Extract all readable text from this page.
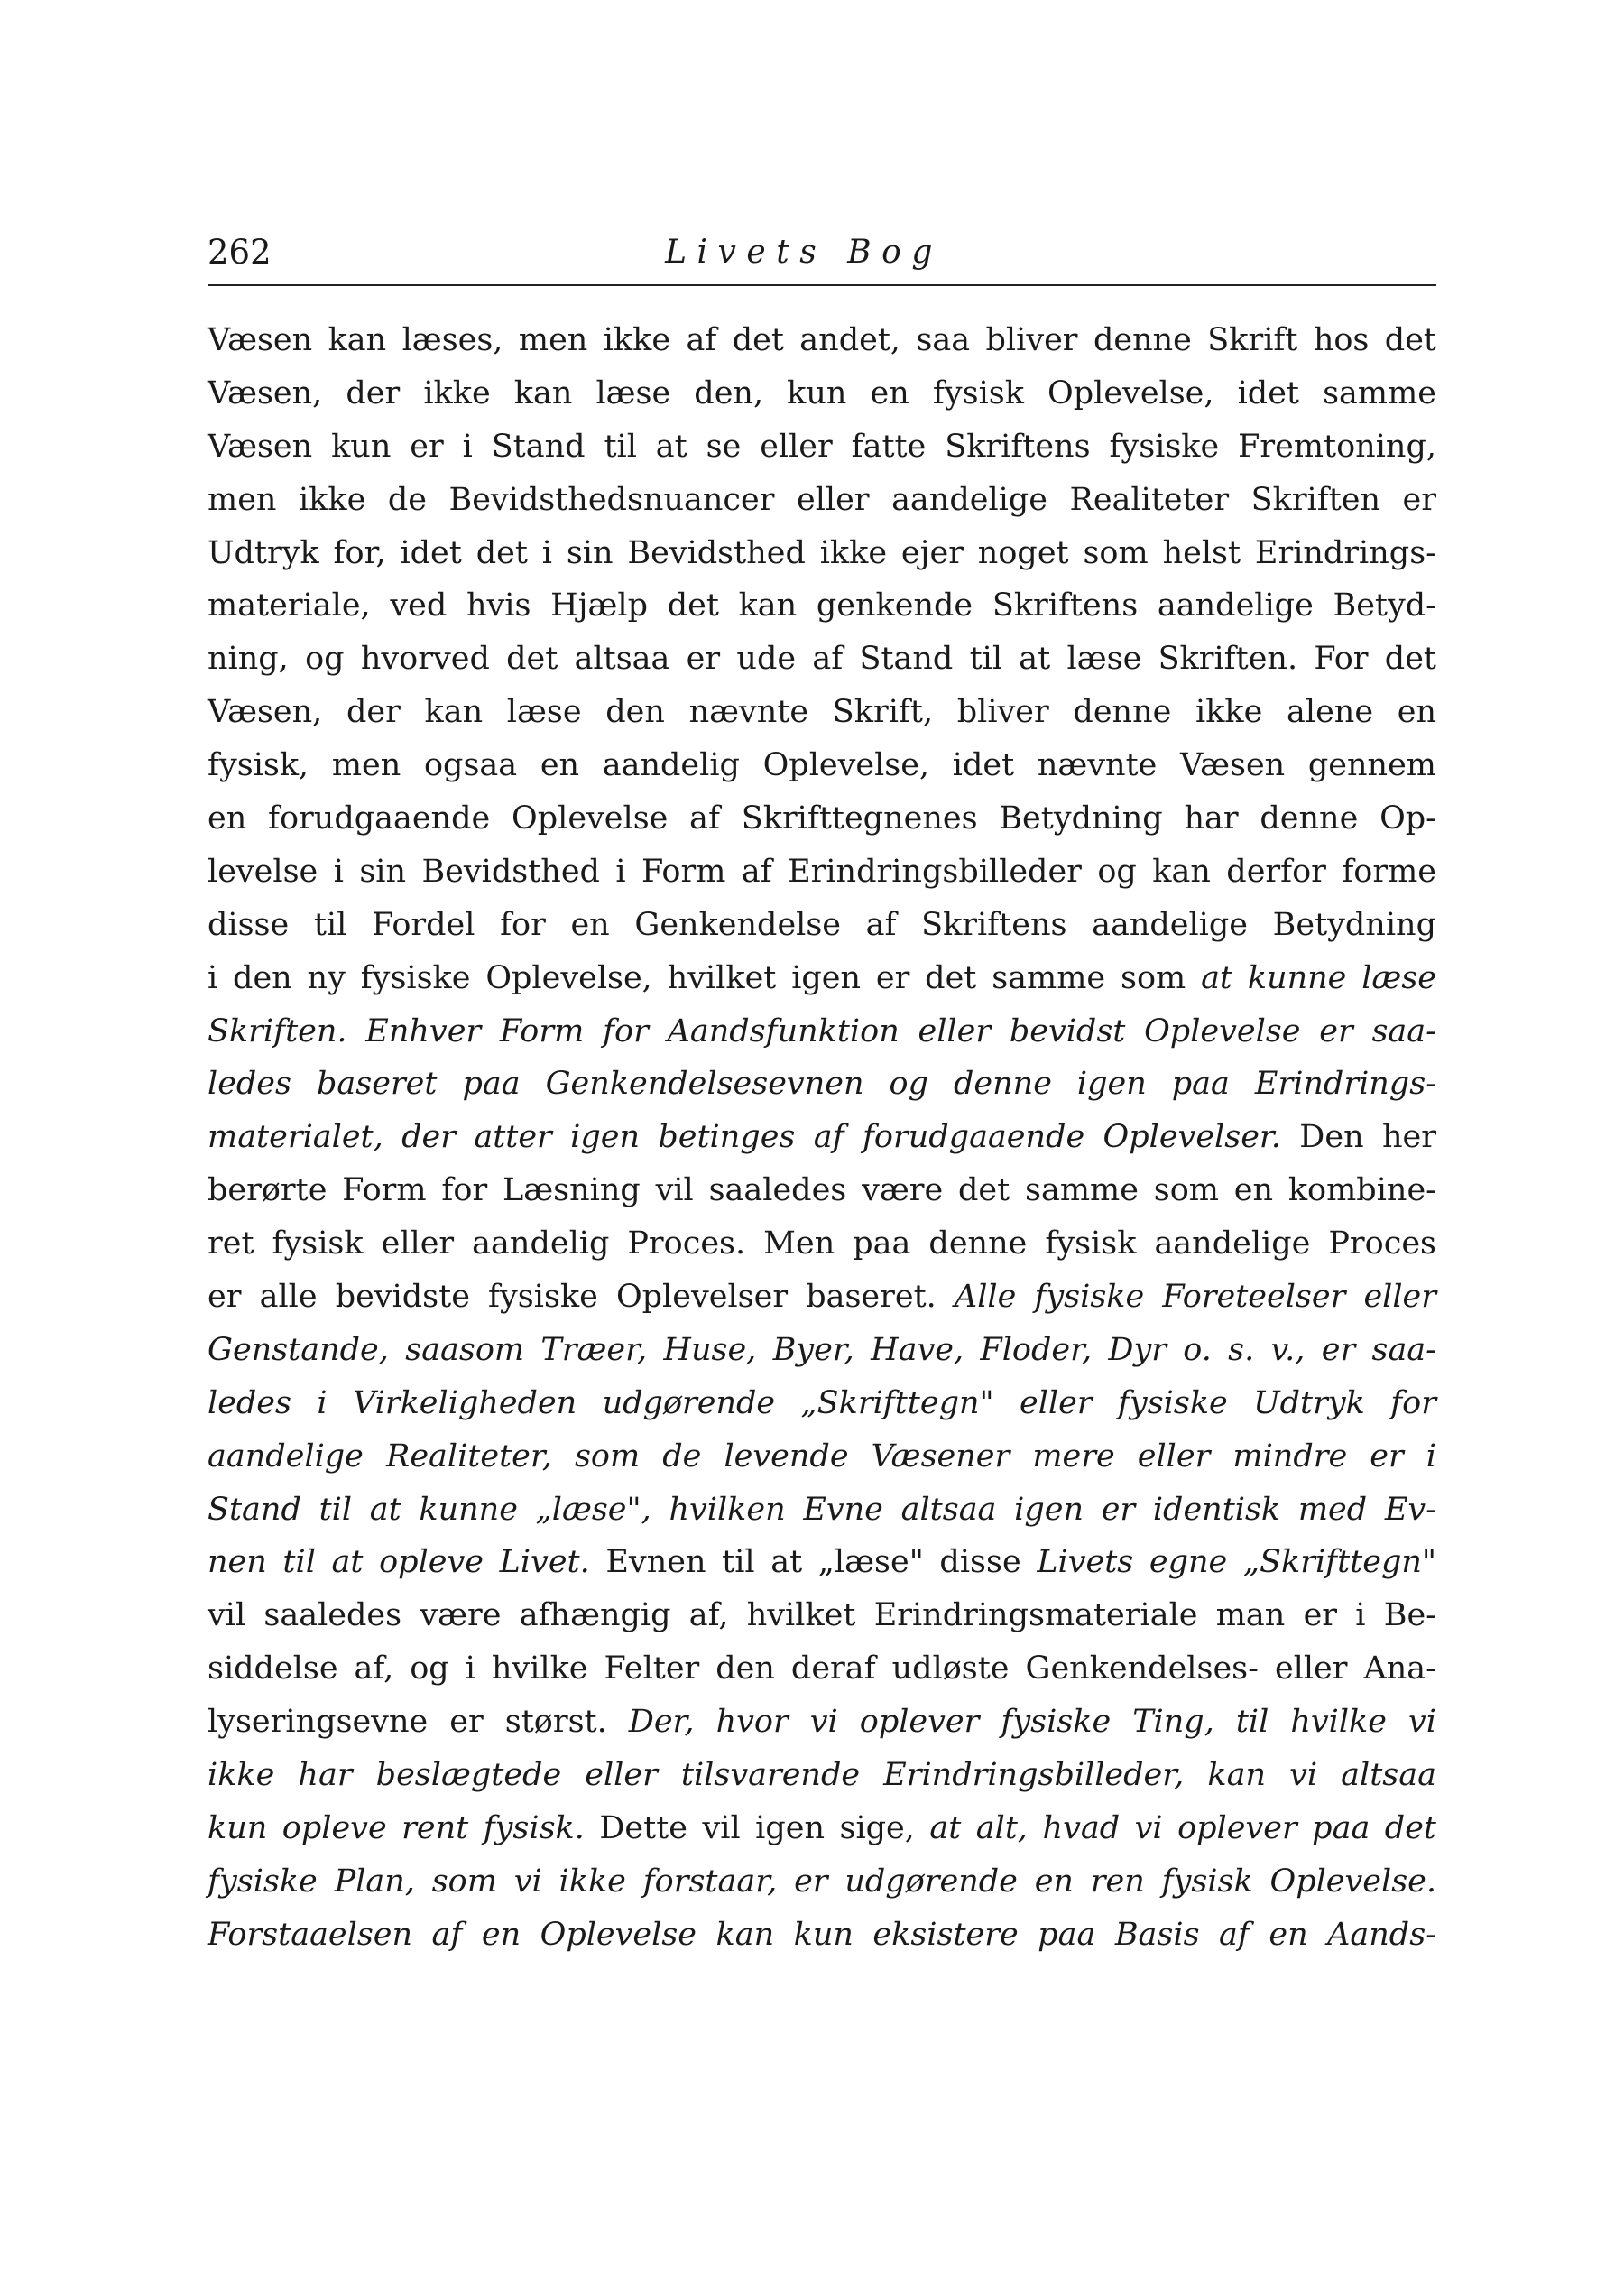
262	Livets Bog
Væsen kan læses, men ikke af det andet, saa bliver denne Skrift hos det
Væsen, der ikke kan læse den, kun en fysisk Oplevelse, idet samme
Væsen kun er i Stand til at se eller fatte Skriftens fysiske Fremtoning,
men ikke de Bevidsthedsnuancer eller aandelige Realiteter Skriften er
Udtryk for, idet det i sin Bevidsthed ikke ejer noget som helst Erindrings-
materiale, ved hvis Hjælp det kan genkende Skriftens aandelige Betyd-
ning, og hvorved det altsaa er ude af Stand til at læse Skriften. For det
Væsen, der kan læse den nævnte Skrift, bliver denne ikke alene en
fysisk, men ogsaa en aandelig Oplevelse, idet nævnte Væsen gennem
en forudgaaende Oplevelse af Skrifttegnenes Betydning har denne Op-
levelse i sin Bevidsthed i Form af Erindringsbilleder og kan derfor forme
disse til Fordel for en Genkendelse af Skriftens aandelige Betydning
i den ny fysiske Oplevelse, hvilket igen er det samme som at kunne læse
Skriften. Enhver Form for Aandsfunktion eller bevidst Oplevelse er saa-
ledes baseret paa Genkendelsesevnen og denne igen paa Erindrings-
materialet, der atter igen betinges af forudgaaende Oplevelser. Den her
berørte Form for Læsning vil saaledes være det samme som en kombine-
ret fysisk eller aandelig Proces. Men paa denne fysisk aandelige Proces
er alle bevidste fysiske Oplevelser baseret. Alle fysiske Foreteelser eller
Genstande, saasom Træer, Huse, Byer, Have, Floder, Dyr o. s. v., er saa-
ledes i Virkeligheden udgørende „Skrifttegn" eller fysiske Udtryk for
aandelige Realiteter, som de levende Væsener mere eller mindre er i
Stand til at kunne „læse", hvilken Evne altsaa igen er identisk med Ev-
nen til at opleve Livet. Evnen til at „læse" disse Livets egne „Skrifttegn"
vil saaledes være afhængig af, hvilket Erindringsmateriale man er i Be-
siddelse af, og i hvilke Felter den deraf udløste Genkendelses- eller Ana-
lyseringsevne er størst. Der, hvor vi oplever fysiske Ting, til hvilke vi
ikke har beslægtede eller tilsvarende Erindringsbilleder, kan vi altsaa
kun opleve rent fysisk. Dette vil igen sige, at alt, hvad vi oplever paa det
fysiske Plan, som vi ikke forstaar, er udgørende en ren fysisk Oplevelse.
Forstaaelsen af en Oplevelse kan kun eksistere paa Basis af en Aands-
